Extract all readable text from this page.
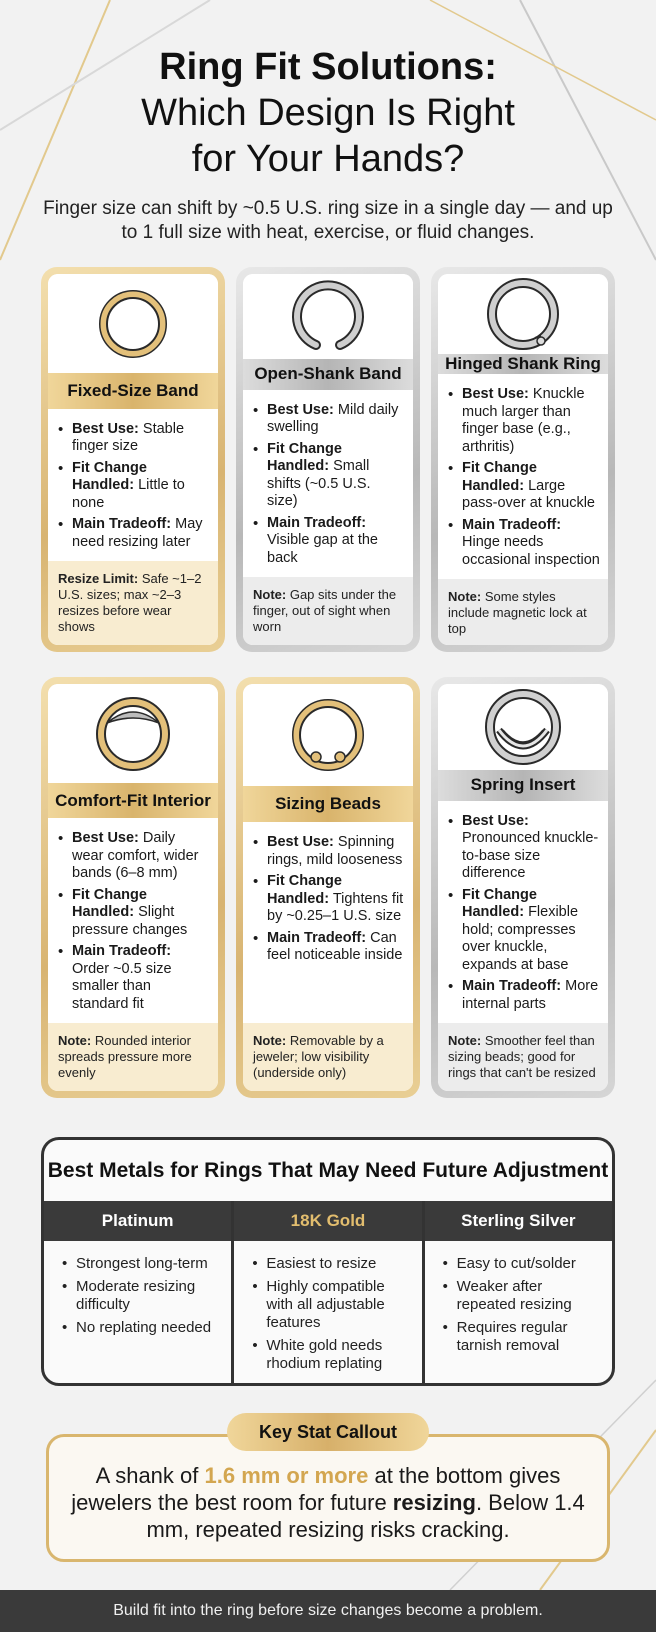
Ring Fit Solutions:
Which Design Is Right
for Your Hands?
Finger size can shift by ~0.5 U.S. ring size in a single day — and up to 1 full size with heat, exercise, or fluid changes.
Fixed-Size Band
• Best Use: Stable finger size
• Fit Change Handled: Little to none
• Main Tradeoff: May need resizing later
Resize Limit: Safe ~1–2 U.S. sizes; max ~2–3 resizes before wear shows
Open-Shank Band
• Best Use: Mild daily swelling
• Fit Change Handled: Small shifts (~0.5 U.S. size)
• Main Tradeoff: Visible gap at the back
Note: Gap sits under the finger, out of sight when worn
Hinged Shank Ring
• Best Use: Knuckle much larger than finger base (e.g., arthritis)
• Fit Change Handled: Large pass-over at knuckle
• Main Tradeoff: Hinge needs occasional inspection
Note: Some styles include magnetic lock at top
Comfort-Fit Interior
• Best Use: Daily wear comfort, wider bands (6–8 mm)
• Fit Change Handled: Slight pressure changes
• Main Tradeoff: Order ~0.5 size smaller than standard fit
Note: Rounded interior spreads pressure more evenly
Sizing Beads
• Best Use: Spinning rings, mild looseness
• Fit Change Handled: Tightens fit by ~0.25–1 U.S. size
• Main Tradeoff: Can feel noticeable inside
Note: Removable by a jeweler; low visibility (underside only)
Spring Insert
• Best Use: Pronounced knuckle-to-base size difference
• Fit Change Handled: Flexible hold; compresses over knuckle, expands at base
• Main Tradeoff: More internal parts
Note: Smoother feel than sizing beads; good for rings that can't be resized
Best Metals for Rings That May Need Future Adjustment
Platinum
• Strongest long-term
• Moderate resizing difficulty
• No replating needed
18K Gold
• Easiest to resize
• Highly compatible with all adjustable features
• White gold needs rhodium replating
Sterling Silver
• Easy to cut/solder
• Weaker after repeated resizing
• Requires regular tarnish removal
Key Stat Callout
A shank of 1.6 mm or more at the bottom gives jewelers the best room for future resizing. Below 1.4 mm, repeated resizing risks cracking.
Build fit into the ring before size changes become a problem.
